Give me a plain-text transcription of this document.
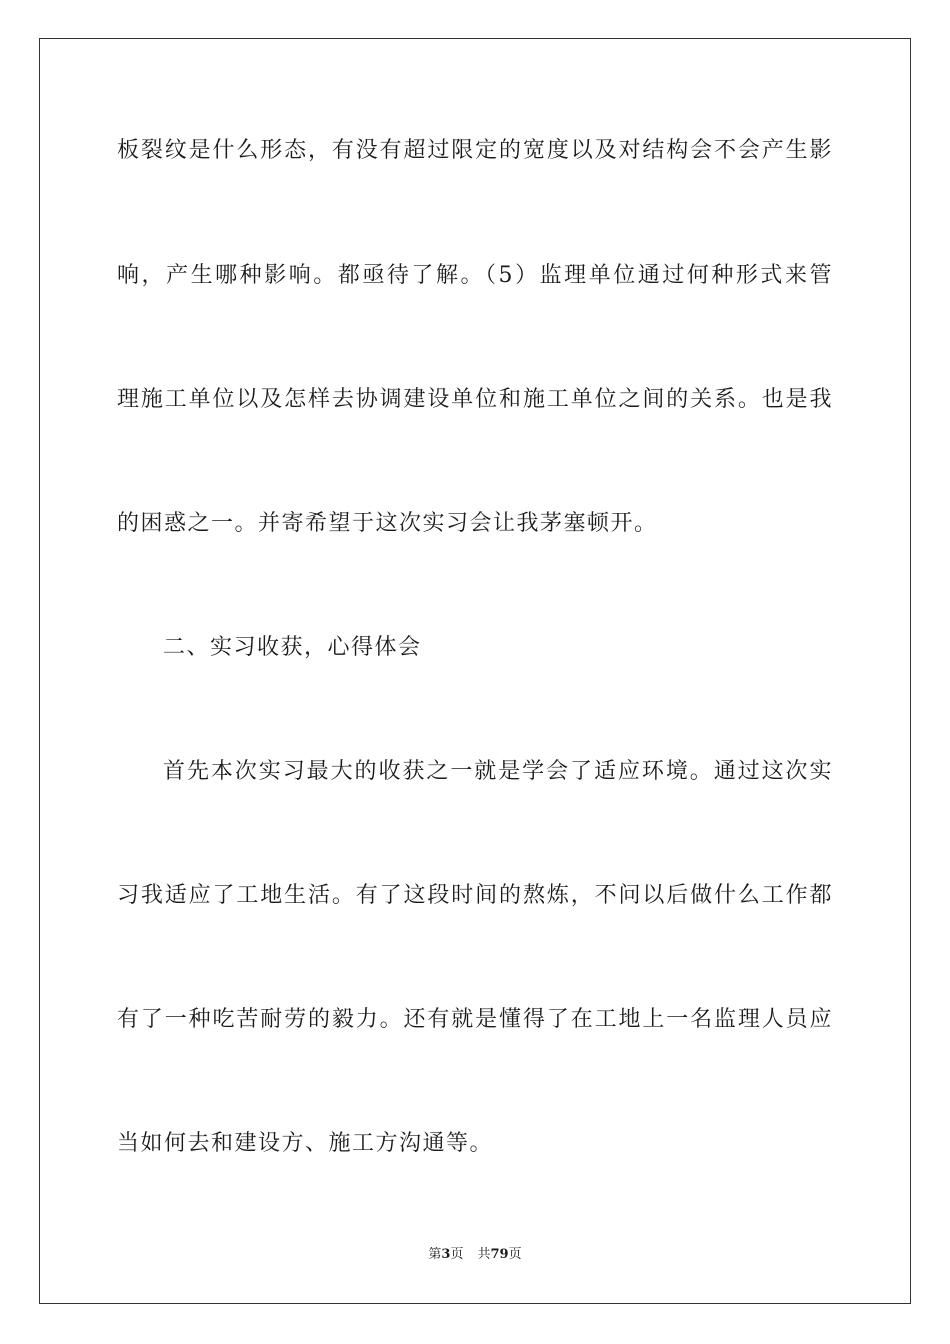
板裂纹是什么形态，有没有超过限定的宽度以及对结构会不会产生影
响，产生哪种影响。都亟待了解。（5）监理单位通过何种形式来管
理施工单位以及怎样去协调建设单位和施工单位之间的关系。也是我
的困惑之一。并寄希望于这次实习会让我茅塞顿开。
二、实习收获，心得体会
首先本次实习最大的收获之一就是学会了适应环境。通过这次实
习我适应了工地生活。有了这段时间的熬炼，不问以后做什么工作都
有了一种吃苦耐劳的毅力。还有就是懂得了在工地上一名监理人员应
当如何去和建设方、施工方沟通等。
第3页 共79页
